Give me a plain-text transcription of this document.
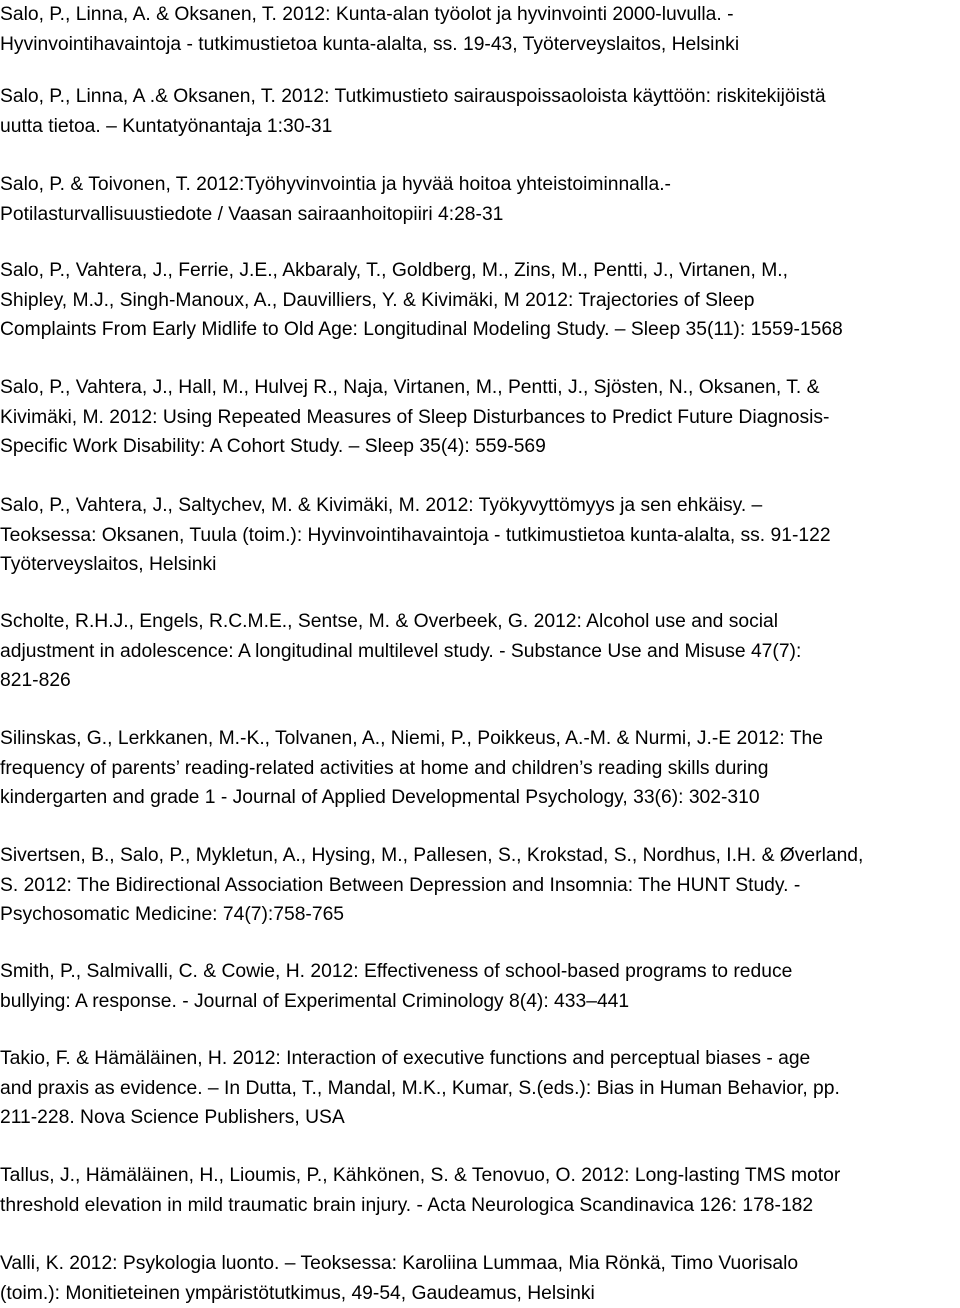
Salo, P., Linna, A. & Oksanen, T. 2012: Kunta-alan työolot ja hyvinvointi 2000-luvulla. -
Hyvinvointihavaintoja - tutkimustietoa kunta-alalta, ss. 19-43, Työterveyslaitos, Helsinki
Salo, P., Linna, A .& Oksanen, T. 2012: Tutkimustieto sairauspoissaoloista käyttöön: riskitekijöistä
uutta tietoa. – Kuntatyönantaja 1:30-31
Salo, P. & Toivonen, T. 2012:Työhyvinvointia ja hyvää hoitoa yhteistoiminnalla.-
Potilasturvallisuustiedote / Vaasan sairaanhoitopiiri 4:28-31
Salo, P., Vahtera, J., Ferrie, J.E., Akbaraly, T., Goldberg, M., Zins, M., Pentti, J., Virtanen, M.,
Shipley, M.J., Singh-Manoux, A., Dauvilliers, Y. & Kivimäki, M 2012: Trajectories of Sleep
Complaints From Early Midlife to Old Age: Longitudinal Modeling Study. – Sleep 35(11): 1559-1568
Salo, P., Vahtera, J., Hall, M., Hulvej R., Naja, Virtanen, M., Pentti, J., Sjösten, N., Oksanen, T. &
Kivimäki, M. 2012: Using Repeated Measures of Sleep Disturbances to Predict Future Diagnosis-
Specific Work Disability: A Cohort Study. – Sleep 35(4): 559-569
Salo, P., Vahtera, J., Saltychev, M. & Kivimäki, M. 2012: Työkyvyttömyys ja sen ehkäisy. –
Teoksessa: Oksanen, Tuula (toim.): Hyvinvointihavaintoja - tutkimustietoa kunta-alalta, ss. 91-122
Työterveyslaitos, Helsinki
Scholte, R.H.J., Engels, R.C.M.E., Sentse, M. & Overbeek, G. 2012: Alcohol use and social
adjustment in adolescence: A longitudinal multilevel study. - Substance Use and Misuse 47(7):
821-826
Silinskas, G., Lerkkanen, M.-K., Tolvanen, A., Niemi, P., Poikkeus, A.-M. & Nurmi, J.-E 2012: The
frequency of parents’ reading-related activities at home and children’s reading skills during
kindergarten and grade 1 - Journal of Applied Developmental Psychology, 33(6): 302-310
Sivertsen, B., Salo, P., Mykletun, A., Hysing, M., Pallesen, S., Krokstad, S., Nordhus, I.H. & Øverland,
S. 2012: The Bidirectional Association Between Depression and Insomnia: The HUNT Study. -
Psychosomatic Medicine: 74(7):758-765
Smith, P., Salmivalli, C. & Cowie, H. 2012: Effectiveness of school-based programs to reduce
bullying: A response. - Journal of Experimental Criminology 8(4): 433–441
Takio, F. & Hämäläinen, H. 2012: Interaction of executive functions and perceptual biases - age
and praxis as evidence. – In Dutta, T., Mandal, M.K., Kumar, S.(eds.): Bias in Human Behavior, pp.
211-228. Nova Science Publishers, USA
Tallus, J., Hämäläinen, H., Lioumis, P., Kähkönen, S. & Tenovuo, O. 2012: Long-lasting TMS motor
threshold elevation in mild traumatic brain injury. - Acta Neurologica Scandinavica 126: 178-182
Valli, K. 2012: Psykologia luonto. – Teoksessa: Karoliina Lummaa, Mia Rönkä, Timo Vuorisalo
(toim.): Monitieteinen ympäristötutkimus, 49-54, Gaudeamus, Helsinki
